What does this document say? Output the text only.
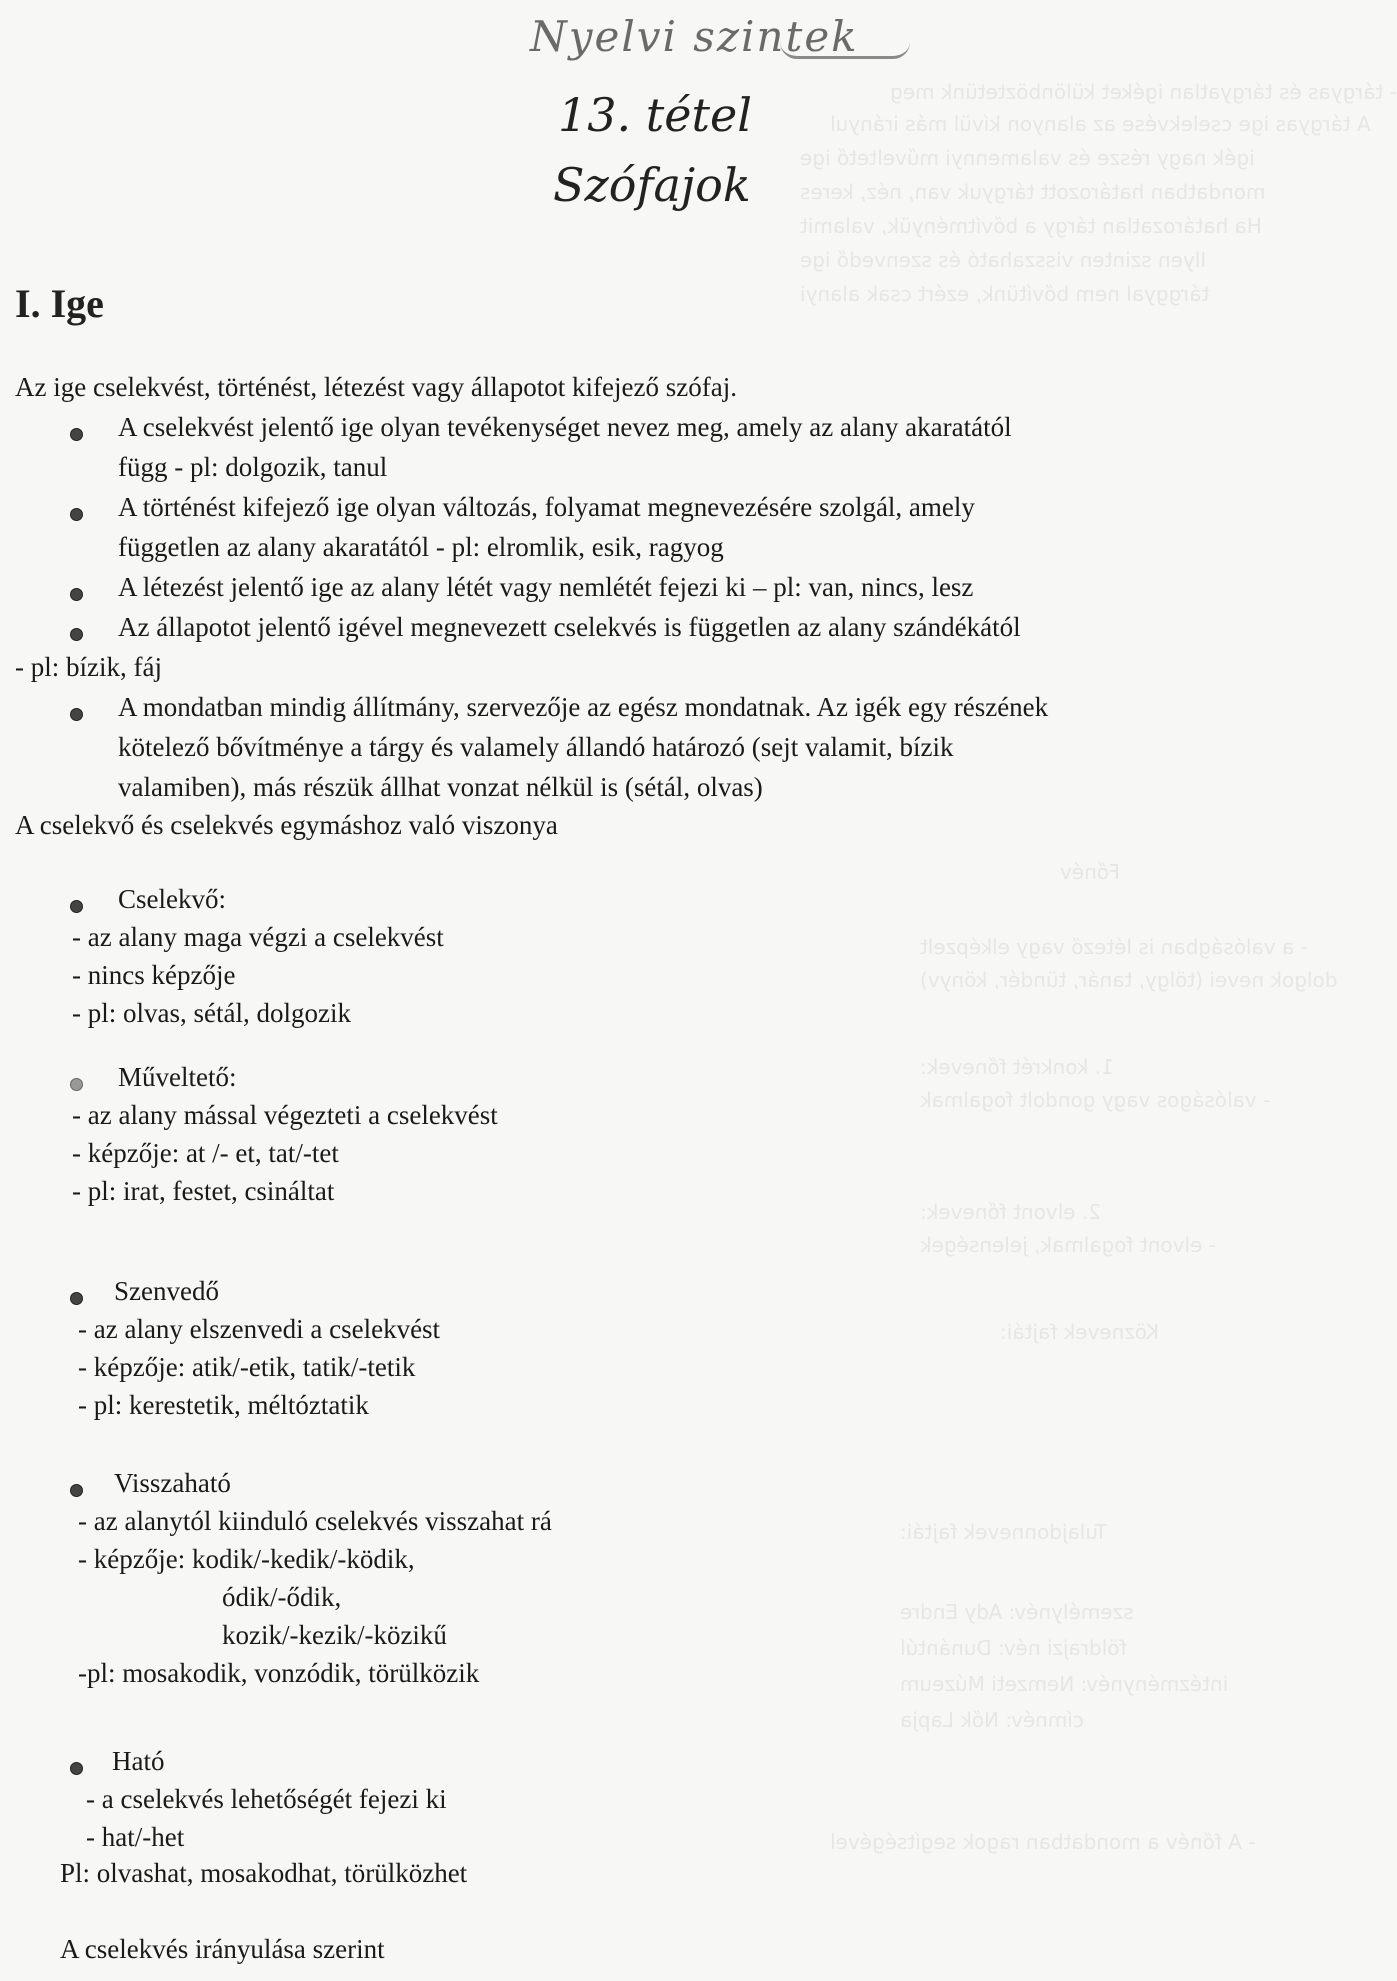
- tárgyas és tárgyatlan igéket különböztetünk meg
A tárgyas ige cselekvése az alanyon kívül más irányul
igék nagy része és valamennyi műveltető ige
mondatban határozott tárgyuk van, néz, keres
Ha határozatlan tárgy a bővítményük, valamit
Ilyen szinten visszaható és szenvedő ige
tárggyal nem bővítünk, ezért csak alanyi
Főnév
- a valóságban is létező vagy elképzelt
dolgok nevei (tölgy, tanár, tündér, könyv)
1. konkrét főnevek:
- valóságos vagy gondolt fogalmak
2. elvont főnevek:
- elvont fogalmak, jelenségek
Köznevek fajtái:
Tulajdonnevek fajtái:
személynév: Ady Endre
földrajzi név: Dunántúl
intézménynév: Nemzeti Múzeum
címnév: Nők Lapja
- A főnév a mondatban ragok segítségével
Nyelvi szintek
13. tétel
Szófajok
I. Ige
Az ige cselekvést, történést, létezést vagy állapotot kifejező szófaj.
A cselekvést jelentő ige olyan tevékenységet nevez meg, amely az alany akaratától
függ - pl: dolgozik, tanul
A történést kifejező ige olyan változás, folyamat megnevezésére szolgál, amely
független az alany akaratától - pl: elromlik, esik, ragyog
A létezést jelentő ige az alany létét vagy nemlétét fejezi ki – pl: van, nincs, lesz
Az állapotot jelentő igével megnevezett cselekvés is független az alany szándékától
- pl: bízik, fáj
A mondatban mindig állítmány, szervezője az egész mondatnak. Az igék egy részének
kötelező bővítménye a tárgy és valamely állandó határozó (sejt valamit, bízik
valamiben), más részük állhat vonzat nélkül is (sétál, olvas)
A cselekvő és cselekvés egymáshoz való viszonya
Cselekvő:
- az alany maga végzi a cselekvést
- nincs képzője
- pl: olvas, sétál, dolgozik
Műveltető:
- az alany mással végezteti a cselekvést
- képzője: at /- et, tat/-tet
- pl: irat, festet, csináltat
Szenvedő
- az alany elszenvedi a cselekvést
- képzője: atik/-etik, tatik/-tetik
- pl: kerestetik, méltóztatik
Visszaható
- az alanytól kiinduló cselekvés visszahat rá
- képzője: kodik/-kedik/-ködik,
ódik/-ődik,
kozik/-kezik/-közikű
-pl: mosakodik, vonzódik, törülközik
Ható
- a cselekvés lehetőségét fejezi ki
- hat/-het
Pl: olvashat, mosakodhat, törülközhet
A cselekvés irányulása szerint
